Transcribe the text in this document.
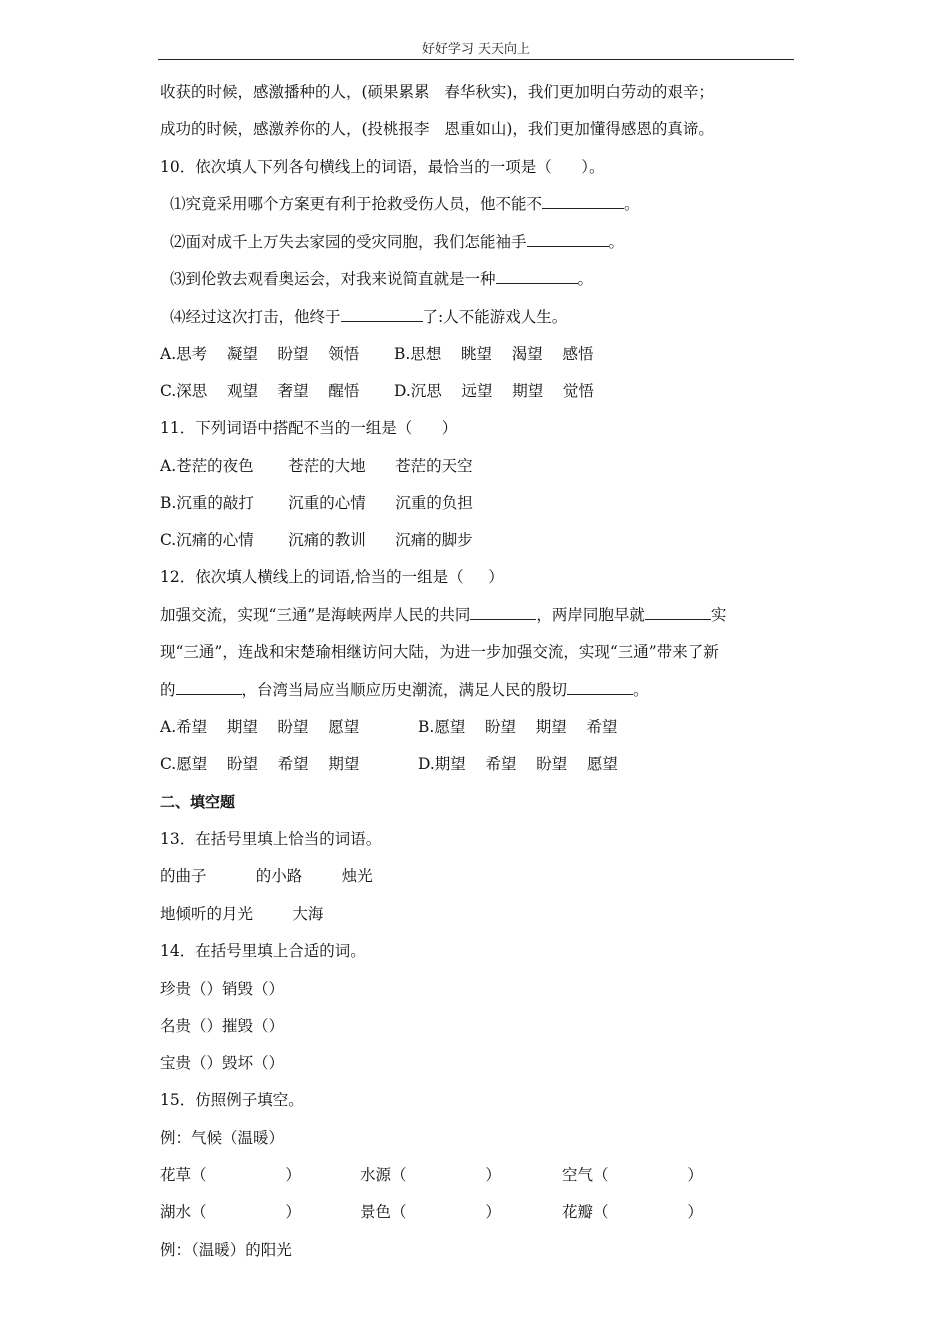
好好学习 天天向上
收获的时候，感激播种的人，(硕果累累   春华秋实)，我们更加明白劳动的艰辛；
成功的时候，感激养你的人，(投桃报李   恩重如山)，我们更加懂得感恩的真谛。
10．依次填人下列各句横线上的词语，最恰当的一项是（      ）。
⑴究竟采用哪个方案更有利于抢救受伤人员，他不能不	。
⑵面对成千上万失去家园的受灾同胞，我们怎能袖手	。
⑶到伦敦去观看奥运会，对我来说简直就是一种	。
⑷经过这次打击，他终于	了:人不能游戏人生。
A.思考    凝望    盼望    领悟 B.思想    眺望    渴望    感悟
C.深思    观望    奢望    醒悟 D.沉思    远望    期望    觉悟
11．下列词语中搭配不当的一组是（      ）
A.苍茫的夜色       苍茫的大地      苍茫的天空
B.沉重的敲打       沉重的心情      沉重的负担
C.沉痛的心情       沉痛的教训      沉痛的脚步
12．依次填人横线上的词语,恰当的一组是（     ）
加强交流，实现“三通”是海峡两岸人民的共同	，两岸同胞早就	实
现“三通”，连战和宋楚瑜相继访问大陆，为进一步加强交流，实现“三通”带来了新
的	，台湾当局应当顺应历史潮流，满足人民的殷切	。
A.希望    期望    盼望    愿望	B.愿望    盼望    期望    希望
C.愿望    盼望    希望    期望	D.期望    希望    盼望    愿望
二、填空题
13．在括号里填上恰当的词语。
的曲子          的小路        烛光
地倾听的月光        大海
14．在括号里填上合适的词。
珍贵（）销毁（）
名贵（）摧毁（）
宝贵（）毁坏（）
15．仿照例子填空。
例：气候（温暖）
花草（                ）	水源（                ）	空气（                ）
湖水（                ）	景色（                ）	花瓣（                ）
例：（温暖）的阳光
